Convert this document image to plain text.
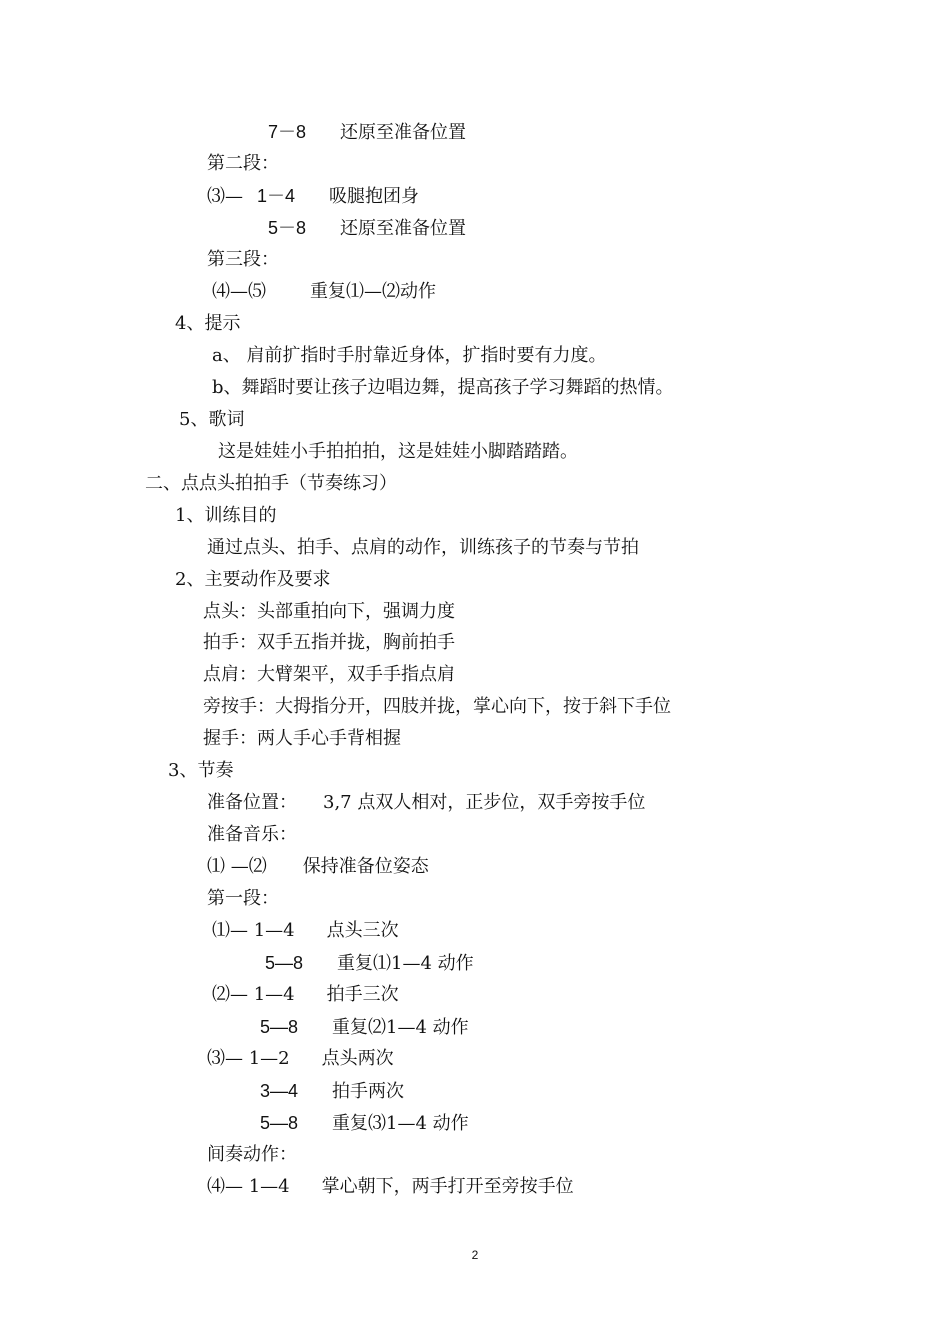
7－8 还原至准备位置
第二段：
⑶— 1－4 吸腿抱团身
5－8 还原至准备位置
第三段：
⑷—⑸ 重复⑴—⑵动作
4、提示
a、 肩前扩指时手肘靠近身体，扩指时要有力度。
b、舞蹈时要让孩子边唱边舞，提高孩子学习舞蹈的热情。
5、歌词
这是娃娃小手拍拍拍，这是娃娃小脚踏踏踏。
二、点点头拍拍手（节奏练习）
1、训练目的
通过点头、拍手、点肩的动作，训练孩子的节奏与节拍
2、主要动作及要求
点头：头部重拍向下，强调力度
拍手：双手五指并拢，胸前拍手
点肩：大臂架平，双手手指点肩
旁按手：大拇指分开，四肢并拢，掌心向下，按于斜下手位
握手：两人手心手背相握
3、节奏
准备位置： 3,7 点双人相对，正步位，双手旁按手位
准备音乐：
⑴ —⑵ 保持准备位姿态
第一段：
⑴— 1—4 点头三次
5—8 重复⑴1—4 动作
⑵— 1—4 拍手三次
5—8 重复⑵1—4 动作
⑶— 1—2 点头两次
3—4 拍手两次
5—8 重复⑶1—4 动作
间奏动作：
⑷— 1—4 掌心朝下，两手打开至旁按手位
2
